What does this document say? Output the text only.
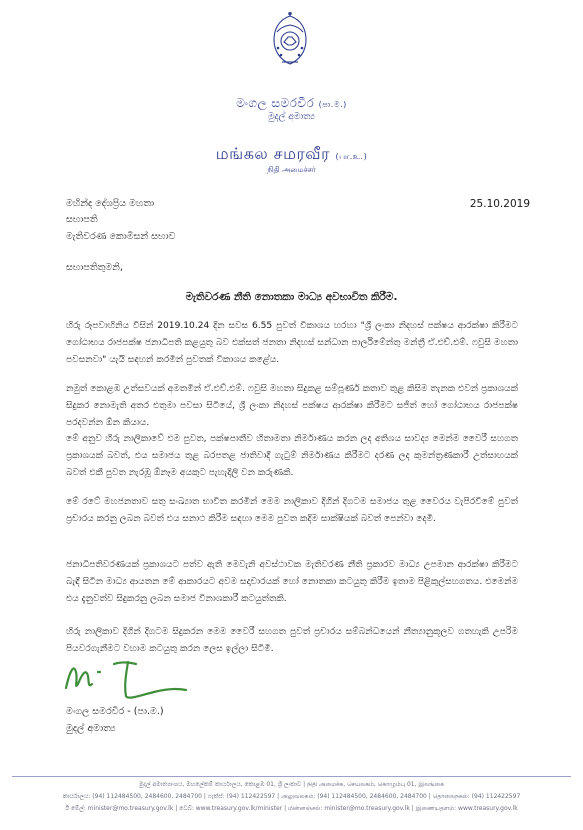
මංගල සමරවීර (පා.ම.)
මුදල් අමාත්‍ය
மங்கல சமரவீர (பா.உ.)
நிதி அமைச்சர்
25.10.2019
මහින්ද දේශප්‍රිය මහතා
සභාපති
මැතිවරණ කොමිසන් සභාව
සභාපතිතුමනි,
මැතිවරණ නීති නොතකා මාධ්‍ය අවභාවිත කිරීම.
හිරු රූපවාහිනිය විසින් 2019.10.24 දින සවස 6.55 පුවත් විකාශය හරහා "ශ්‍රී ලංකා නිදහස් පක්ෂය ආරක්ෂා කිරීමට ගෝඨාභය රාජපක්ෂ ජනාධිපති කළයුතු බව එක්සත් ජනතා නිදහස් සන්ධාන පාර්ලිමේන්තු මන්ත්‍රී ඒ.එච්.එම්. ෆවුසි මහතා පවසනවා" යැයි සඳහන් කරමින් පුවතක් විකාශය කළේය.
නමුත් කොළඹ උත්සවයක් අමතමින් ඒ.එච්.එම්. ෆවුසි මහතා සිදුකළ සම්පූර්ණ කතාව තුළ කිසිම තැනක එවන් ප්‍රකාශයක් සිදුකර නොමැති අතර එතුමා පවසා සිටියේ, ශ්‍රී ලංකා නිදහස් පක්ෂය ආරක්ෂා කිරීමට සජිත් හෝ ගෝඨාභය රාජපක්ෂ පරදවන්න ඕන කියාය.
මේ අනුව හිරු නාලිකාවේ එම පුවත, පක්ෂපාතීව හිතාමතා නිර්මාණය කරන ලද අතිශය සාවද්‍ය මෙන්ම වෛරී සහගත ප්‍රකාශයක් බවත්, එය සමාජය තුළ බරපතළ ජාතිවාදී ගැටුම් නිර්මාණය කිරීමට දරණ ලද කුමන්ත්‍රණකාරී උත්සාහයක් බවත් එකී පුවත නැරඹූ ඕනෑම අයකුට පැහැදිලි වන කරුණකි.
මේ රටේ මහජනතාව සතු සංඛ්‍යාත භාවිත කරමින් මෙම නාලිකාව දිගින් දිගටම සමාජය තුළ වෛරය වැපිරවීමේ පුවත් ප්‍රචාරය කරනු ලබන බවත් එය සනාථ කිරීම සඳහා මෙම පුවත කදිම සාක්ෂියක් බවත් පෙන්වා දෙමි.
ජනාධිපතිවරණයක් ප්‍රකාශයට පත්ව ඇති මෙවැනි අවස්ථාවක මැතිවරණ නීති ප්‍රකාරව මාධ්‍ය උපමාන ආරක්ෂා කිරීමට බැඳී සිටින මාධ්‍ය ආයතන මේ ආකාරයට අවම සදාචාරයක් හෝ නොතකා කටයුතු කිරීම ඉතාම පිළිකුල්සහගතය. එමෙන්ම එය දැනුවත්ව සිදුකරනු ලබන සමාජ විනාශකාරී කටයුත්තකි.
හිරු නාලිකාව දිගින් දිගටම සිදුකරන මෙම වෛරී සහගත පුවත් ප්‍රචාරය සම්බන්ධයෙන් නීත්‍යානුකූලව ගතහැකි උපරිම පියවරගැනීමට වහාම කටයුතු කරන ලෙස ඉල්ලා සිටිමි.
මංගල සමරවීර - (පා.ම.)
මුදල් අමාත්‍ය
මුදල් අමාත්‍යාංශය, මහලේකම් කාර්යාලය, කොළඹ 01, ශ්‍රී ලංකාව | நிதி அமைச்சு, செயலகம், கொழும்பு 01, இலங்கை
කාර්යාලය: (94) 112484500, 2484600, 2484700 | ෆැක්ස්: (94) 112422597 | அலுவலகம்: (94) 112484500, 2484600, 2484700 | தொலைநகல்: (94) 112422597
ඊ මේල්: minister@mo.treasury.gov.lk | වෙබ්: www.treasury.gov.lk/minister | மின்னஞ்சல்: minister@mo.treasury.gov.lk | இணையதளம்: www.treasury.gov.lk
